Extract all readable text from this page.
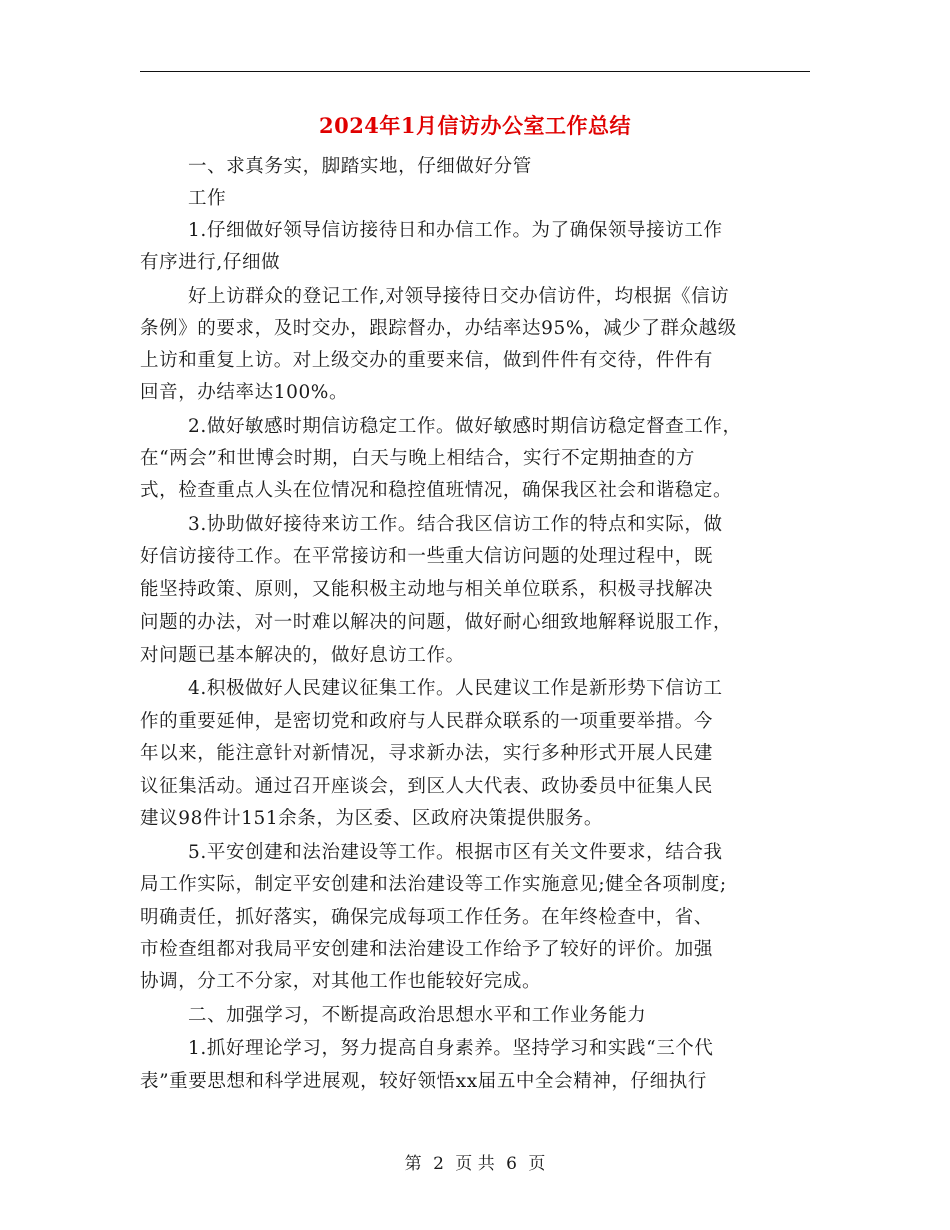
2024年1月信访办公室工作总结
一、求真务实，脚踏实地，仔细做好分管
工作
1.仔细做好领导信访接待日和办信工作。为了确保领导接访工作
有序进行,仔细做
好上访群众的登记工作,对领导接待日交办信访件，均根据《信访
条例》的要求，及时交办，跟踪督办，办结率达95%，减少了群众越级
上访和重复上访。对上级交办的重要来信，做到件件有交待，件件有
回音，办结率达100%。
2.做好敏感时期信访稳定工作。做好敏感时期信访稳定督查工作，
在“两会”和世博会时期，白天与晚上相结合，实行不定期抽查的方
式，检查重点人头在位情况和稳控值班情况，确保我区社会和谐稳定。
3.协助做好接待来访工作。结合我区信访工作的特点和实际，做
好信访接待工作。在平常接访和一些重大信访问题的处理过程中，既
能坚持政策、原则，又能积极主动地与相关单位联系，积极寻找解决
问题的办法，对一时难以解决的问题，做好耐心细致地解释说服工作，
对问题已基本解决的，做好息访工作。
4.积极做好人民建议征集工作。人民建议工作是新形势下信访工
作的重要延伸，是密切党和政府与人民群众联系的一项重要举措。今
年以来，能注意针对新情况，寻求新办法，实行多种形式开展人民建
议征集活动。通过召开座谈会，到区人大代表、政协委员中征集人民
建议98件计151余条，为区委、区政府决策提供服务。
5.平安创建和法治建设等工作。根据市区有关文件要求，结合我
局工作实际，制定平安创建和法治建设等工作实施意见;健全各项制度;
明确责任，抓好落实，确保完成每项工作任务。在年终检查中，省、
市检查组都对我局平安创建和法治建设工作给予了较好的评价。加强
协调，分工不分家，对其他工作也能较好完成。
二、加强学习，不断提高政治思想水平和工作业务能力
1.抓好理论学习，努力提高自身素养。坚持学习和实践“三个代
表”重要思想和科学进展观，较好领悟xx届五中全会精神，仔细执行
第 2 页 共 6 页
